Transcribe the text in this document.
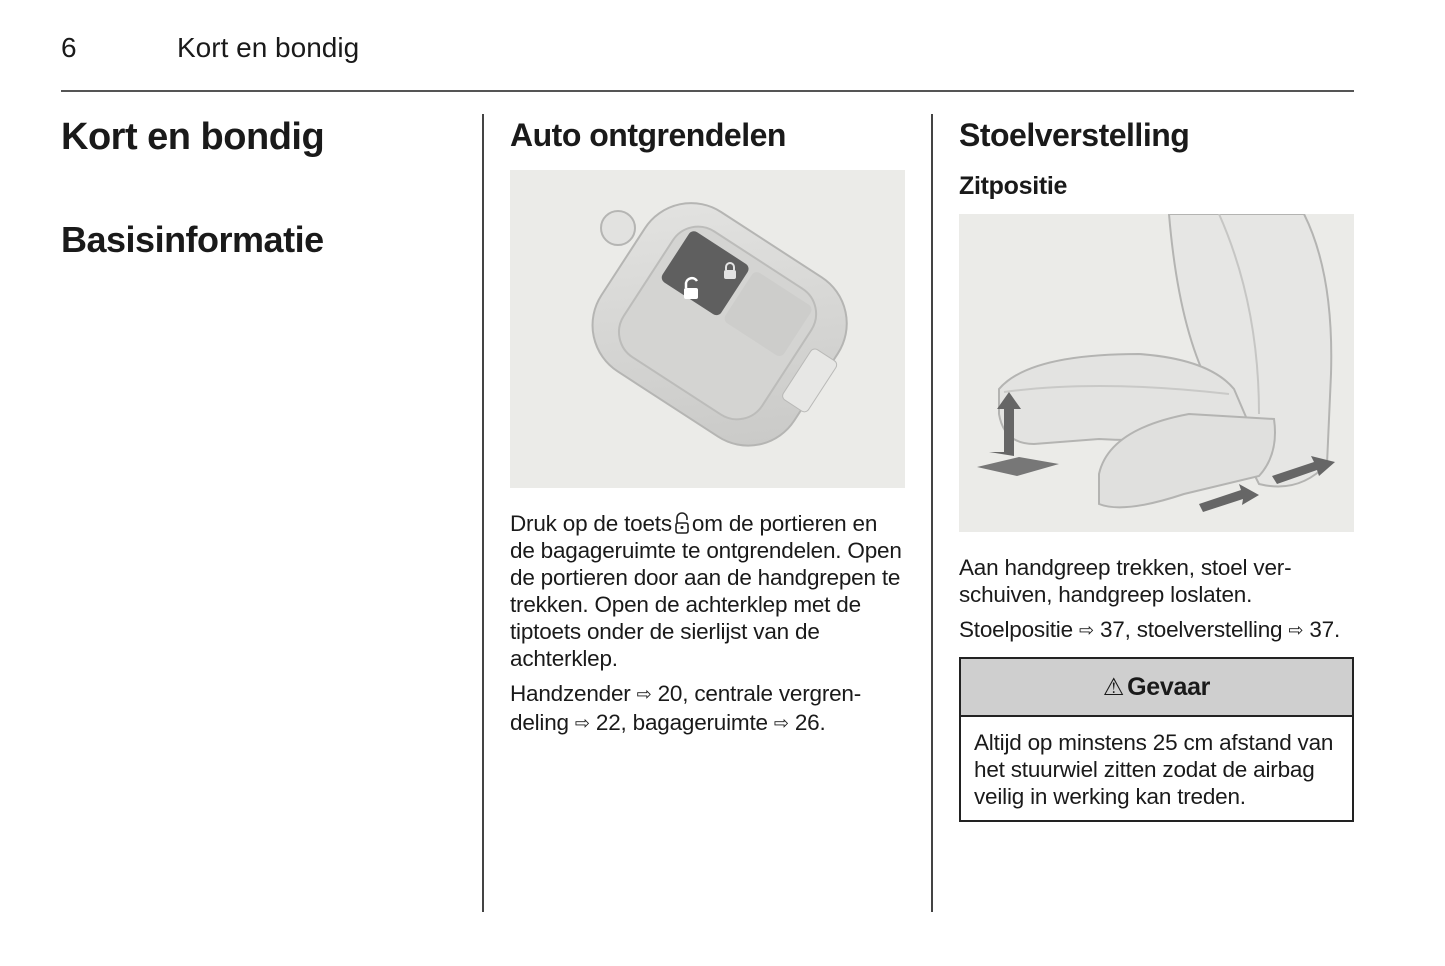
6	Kort en bondig
Kort en bondig
Basisinformatie
Auto ontgrendelen

Druk op de toets om de portieren en de bagageruimte te ontgrendelen. Open de portieren door aan de handgrepen te trekken. Open de achterklep met de tiptoets onder de sierlijst van de achterklep.

Handzender ⇨ 20, centrale vergrendeling ⇨ 22, bagageruimte ⇨ 26.

Stoelverstelling
Zitpositie

Aan handgreep trekken, stoel verschuiven, handgreep loslaten.

Stoelpositie ⇨ 37, stoelverstelling ⇨ 37.

⚠ Gevaar

Altijd op minstens 25 cm afstand van het stuurwiel zitten zodat de airbag veilig in werking kan treden.
